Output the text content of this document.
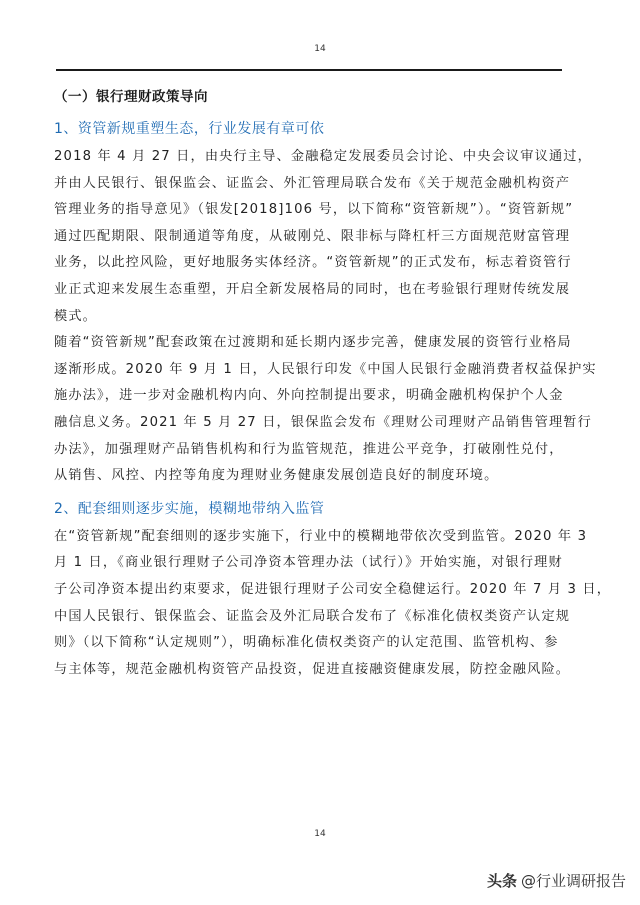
14
（一）银行理财政策导向
1、资管新规重塑生态，行业发展有章可依

2018 年 4 月 27 日，由央行主导、金融稳定发展委员会讨论、中央会议审议通过，
并由人民银行、银保监会、证监会、外汇管理局联合发布《关于规范金融机构资产
管理业务的指导意见》（银发[2018]106 号，以下简称“资管新规”）。“资管新规”
通过匹配期限、限制通道等角度，从破刚兑、限非标与降杠杆三方面规范财富管理
业务，以此控风险，更好地服务实体经济。“资管新规”的正式发布，标志着资管行
业正式迎来发展生态重塑，开启全新发展格局的同时，也在考验银行理财传统发展
模式。

随着“资管新规”配套政策在过渡期和延长期内逐步完善，健康发展的资管行业格局
逐渐形成。2020 年 9 月 1 日，人民银行印发《中国人民银行金融消费者权益保护实
施办法》，进一步对金融机构内向、外向控制提出要求，明确金融机构保护个人金
融信息义务。2021 年 5 月 27 日，银保监会发布《理财公司理财产品销售管理暂行
办法》，加强理财产品销售机构和行为监管规范，推进公平竞争，打破刚性兑付，
从销售、风控、内控等角度为理财业务健康发展创造良好的制度环境。

2、配套细则逐步实施，模糊地带纳入监管

在“资管新规”配套细则的逐步实施下，行业中的模糊地带依次受到监管。2020 年 3
月 1 日，《商业银行理财子公司净资本管理办法（试行）》开始实施，对银行理财
子公司净资本提出约束要求，促进银行理财子公司安全稳健运行。2020 年 7 月 3 日，
中国人民银行、银保监会、证监会及外汇局联合发布了《标准化债权类资产认定规
则》（以下简称“认定规则”），明确标准化债权类资产的认定范围、监管机构、参
与主体等，规范金融机构资管产品投资，促进直接融资健康发展，防控金融风险。

14
头条 @行业调研报告
